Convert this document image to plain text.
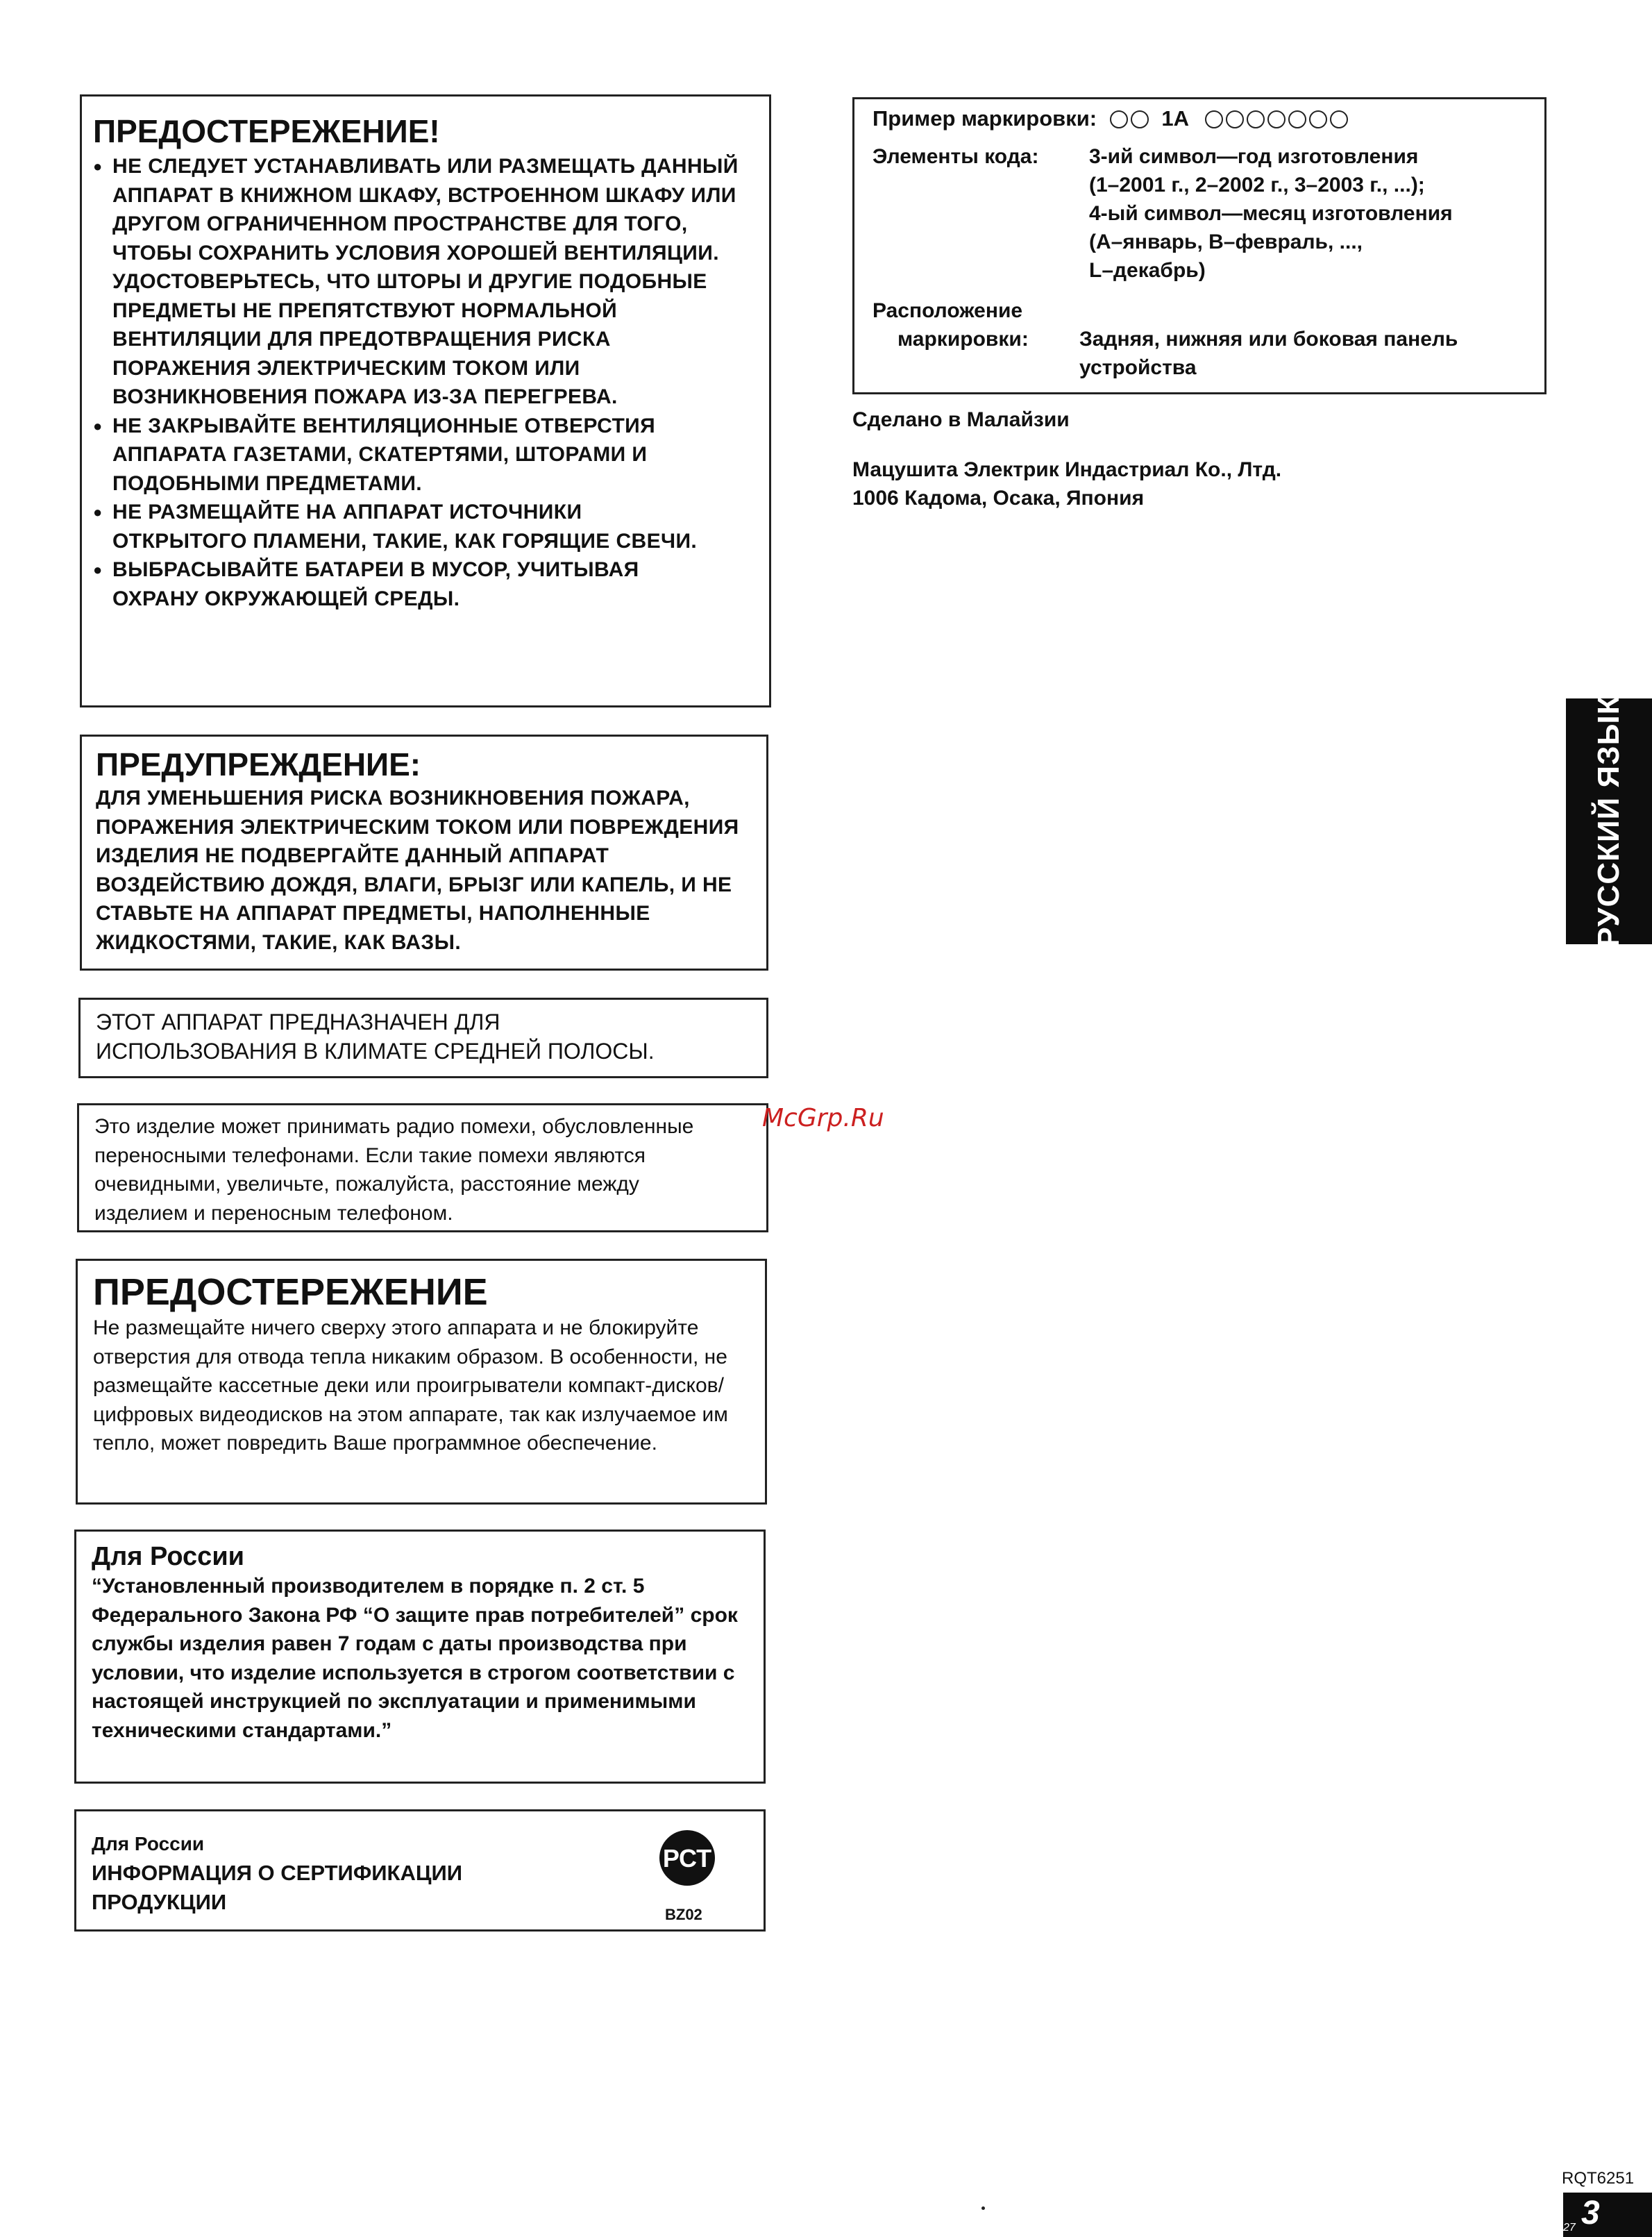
ПРЕДОСТЕРЕЖЕНИЕ!
● НЕ СЛЕДУЕТ УСТАНАВЛИВАТЬ ИЛИ РАЗМЕЩАТЬ ДАННЫЙ АППАРАТ В КНИЖНОМ ШКАФУ, ВСТРОЕННОМ ШКАФУ ИЛИ ДРУГОМ ОГРАНИЧЕННОМ ПРОСТРАНСТВЕ ДЛЯ ТОГО, ЧТОБЫ СОХРАНИТЬ УСЛОВИЯ ХОРОШЕЙ ВЕНТИЛЯЦИИ. УДОСТОВЕРЬТЕСЬ, ЧТО ШТОРЫ И ДРУГИЕ ПОДОБНЫЕ ПРЕДМЕТЫ НЕ ПРЕПЯТСТВУЮТ НОРМАЛЬНОЙ ВЕНТИЛЯЦИИ ДЛЯ ПРЕДОТВРАЩЕНИЯ РИСКА ПОРАЖЕНИЯ ЭЛЕКТРИЧЕСКИМ ТОКОМ ИЛИ ВОЗНИКНОВЕНИЯ ПОЖАРА ИЗ-ЗА ПЕРЕГРЕВА.
● НЕ ЗАКРЫВАЙТЕ ВЕНТИЛЯЦИОННЫЕ ОТВЕРСТИЯ АППАРАТА ГАЗЕТАМИ, СКАТЕРТЯМИ, ШТОРАМИ И ПОДОБНЫМИ ПРЕДМЕТАМИ.
● НЕ РАЗМЕЩАЙТЕ НА АППАРАТ ИСТОЧНИКИ ОТКРЫТОГО ПЛАМЕНИ, ТАКИЕ, КАК ГОРЯЩИЕ СВЕЧИ.
● ВЫБРАСЫВАЙТЕ БАТАРЕИ В МУСОР, УЧИТЫВАЯ ОХРАНУ ОКРУЖАЮЩЕЙ СРЕДЫ.
ПРЕДУПРЕЖДЕНИЕ:
ДЛЯ УМЕНЬШЕНИЯ РИСКА ВОЗНИКНОВЕНИЯ ПОЖАРА, ПОРАЖЕНИЯ ЭЛЕКТРИЧЕСКИМ ТОКОМ ИЛИ ПОВРЕЖДЕНИЯ ИЗДЕЛИЯ НЕ ПОДВЕРГАЙТЕ ДАННЫЙ АППАРАТ ВОЗДЕЙСТВИЮ ДОЖДЯ, ВЛАГИ, БРЫЗГ ИЛИ КАПЕЛЬ, И НЕ СТАВЬТЕ НА АППАРАТ ПРЕДМЕТЫ, НАПОЛНЕННЫЕ ЖИДКОСТЯМИ, ТАКИЕ, КАК ВАЗЫ.
ЭТОТ АППАРАТ ПРЕДНАЗНАЧЕН ДЛЯ
ИСПОЛЬЗОВАНИЯ В КЛИМАТЕ СРЕДНЕЙ ПОЛОСЫ.
Это изделие может принимать радио помехи, обусловленные переносными телефонами. Если такие помехи являются очевидными, увеличьте, пожалуйста, расстояние между изделием и переносным телефоном.
ПРЕДОСТЕРЕЖЕНИЕ
Не размещайте ничего сверху этого аппарата и не блокируйте отверстия для отвода тепла никаким образом. В особенности, не размещайте кассетные деки или проигрыватели компакт-дисков/цифровых видеодисков на этом аппарате, так как излучаемое им тепло, может повредить Ваше программное обеспечение.
Для России
“Установленный производителем в порядке п. 2 ст. 5 Федерального Закона РФ “О защите прав потребителей” срок службы изделия равен 7 годам с даты производства при условии, что изделие используется в строгом соответствии с настоящей инструкцией по эксплуатации и применимыми техническими стандартами.”
Для России
ИНФОРМАЦИЯ О СЕРТИФИКАЦИИ
ПРОДУКЦИИ
РСТ
BZ02
Пример маркировки:	1A
Элементы кода: 3-ий символ—год изготовления
(1–2001 г., 2–2002 г., 3–2003 г., ...);
4-ый символ—месяц изготовления
(А–январь, В–февраль, ...,
L–декабрь)
Расположение
маркировки: Задняя, нижняя или боковая панель
устройства
Сделано в Малайзии
Мацушита Электрик Индастриал Ко., Лтд.
1006 Кадома, Осака, Япония
McGrp.Ru
РУССКИЙ ЯЗЫК
RQT6251
3
27
